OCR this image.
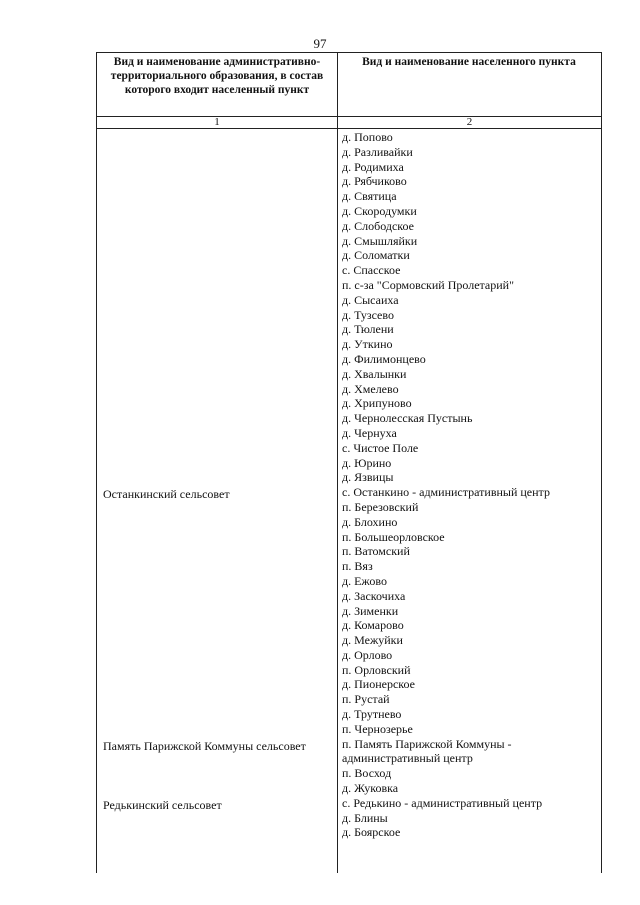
97
Вид и наименование административно-территориального образования, в состав которого входит населенный пункт
Вид и наименование населенного пункта
1	2
Останкинский сельсовет
Память Парижской Коммуны сельсовет
Редькинский сельсовет
д. Попово
д. Разливайки
д. Родимиха
д. Рябчиково
д. Святица
д. Скородумки
д. Слободское
д. Смышляйки
д. Соломатки
с. Спасское
п. с-за "Сормовский Пролетарий"
д. Сысаиха
д. Тузсево
д. Тюлени
д. Уткино
д. Филимонцево
д. Хвалынки
д. Хмелево
д. Хрипуново
д. Чернолесская Пустынь
д. Чернуха
с. Чистое Поле
д. Юрино
д. Язвицы
с. Останкино - административный центр
п. Березовский
д. Блохино
п. Большеорловское
п. Ватомский
п. Вяз
д. Ежово
д. Заскочиха
д. Зименки
д. Комарово
д. Межуйки
д. Орлово
п. Орловский
д. Пионерское
п. Рустай
д. Трутнево
п. Чернозерье
п. Память Парижской Коммуны - административный центр
п. Восход
д. Жуковка
с. Редькино - административный центр
д. Блины
д. Боярское
